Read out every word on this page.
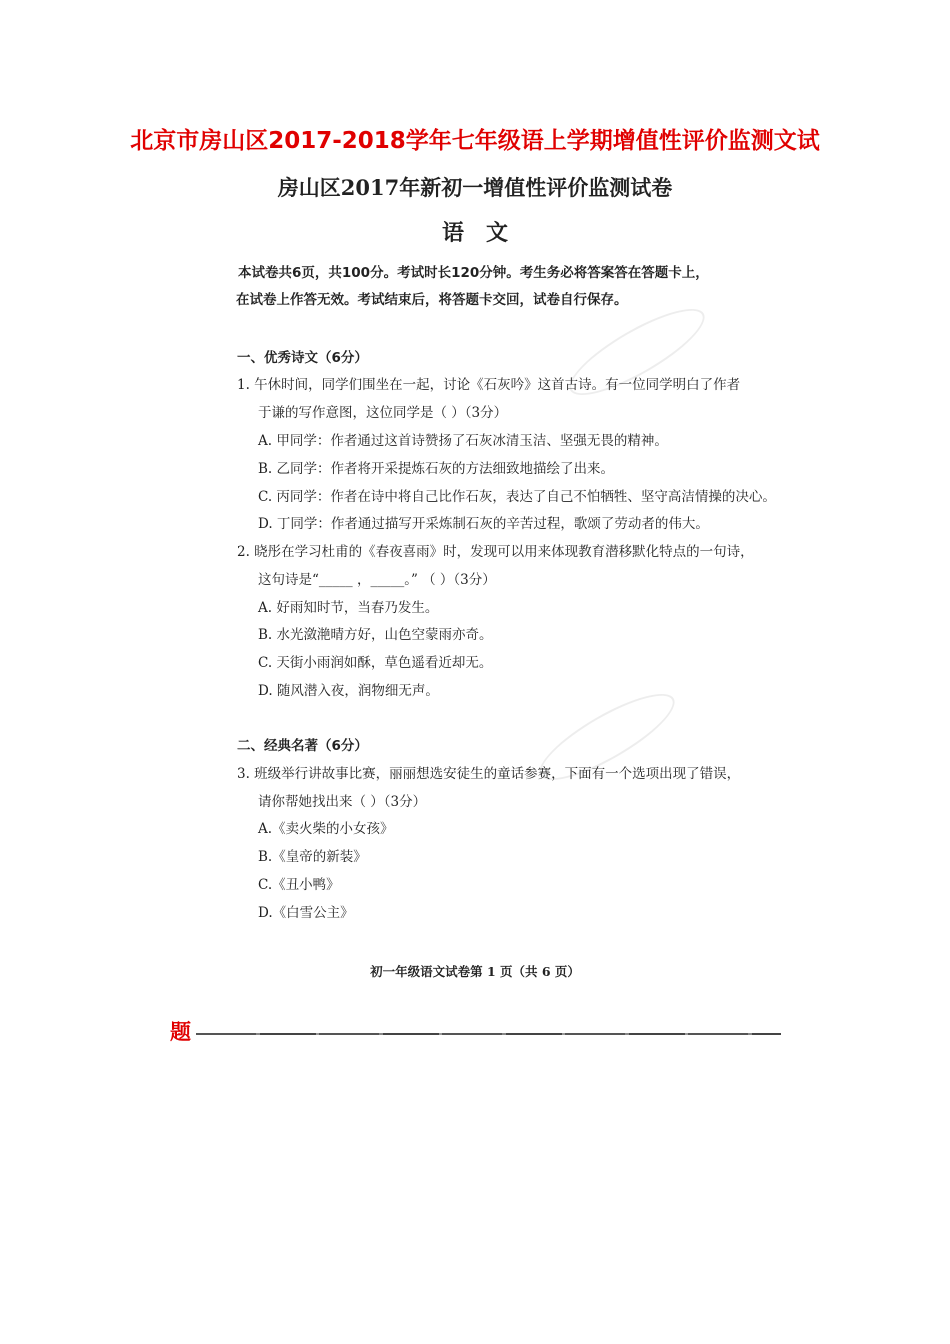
北京市房山区2017-2018学年七年级语上学期增值性评价监测文试
房山区2017年新初一增值性评价监测试卷
语文
本试卷共6页，共100分。考试时长120分钟。考生务必将答案答在答题卡上，
在试卷上作答无效。考试结束后，将答题卡交回，试卷自行保存。
一、优秀诗文（6分）
1. 午休时间，同学们围坐在一起，讨论《石灰吟》这首古诗。有一位同学明白了作者
于谦的写作意图，这位同学是（ ）（3分）
A. 甲同学：作者通过这首诗赞扬了石灰冰清玉洁、坚强无畏的精神。
B. 乙同学：作者将开采提炼石灰的方法细致地描绘了出来。
C. 丙同学：作者在诗中将自己比作石灰，表达了自己不怕牺牲、坚守高洁情操的决心。
D. 丁同学：作者通过描写开采炼制石灰的辛苦过程，歌颂了劳动者的伟大。
2. 晓彤在学习杜甫的《春夜喜雨》时，发现可以用来体现教育潜移默化特点的一句诗，
这句诗是“_____ ，_____。” （ ）（3分）
A. 好雨知时节，当春乃发生。
B. 水光潋滟晴方好，山色空蒙雨亦奇。
C. 天街小雨润如酥，草色遥看近却无。
D. 随风潜入夜，润物细无声。
二、经典名著（6分）
3. 班级举行讲故事比赛，丽丽想选安徒生的童话参赛，下面有一个选项出现了错误，
请你帮她找出来（ ）（3分）
A.《卖火柴的小女孩》
B.《皇帝的新装》
C.《丑小鸭》
D.《白雪公主》
初一年级语文试卷第 1 页（共 6 页）
题
